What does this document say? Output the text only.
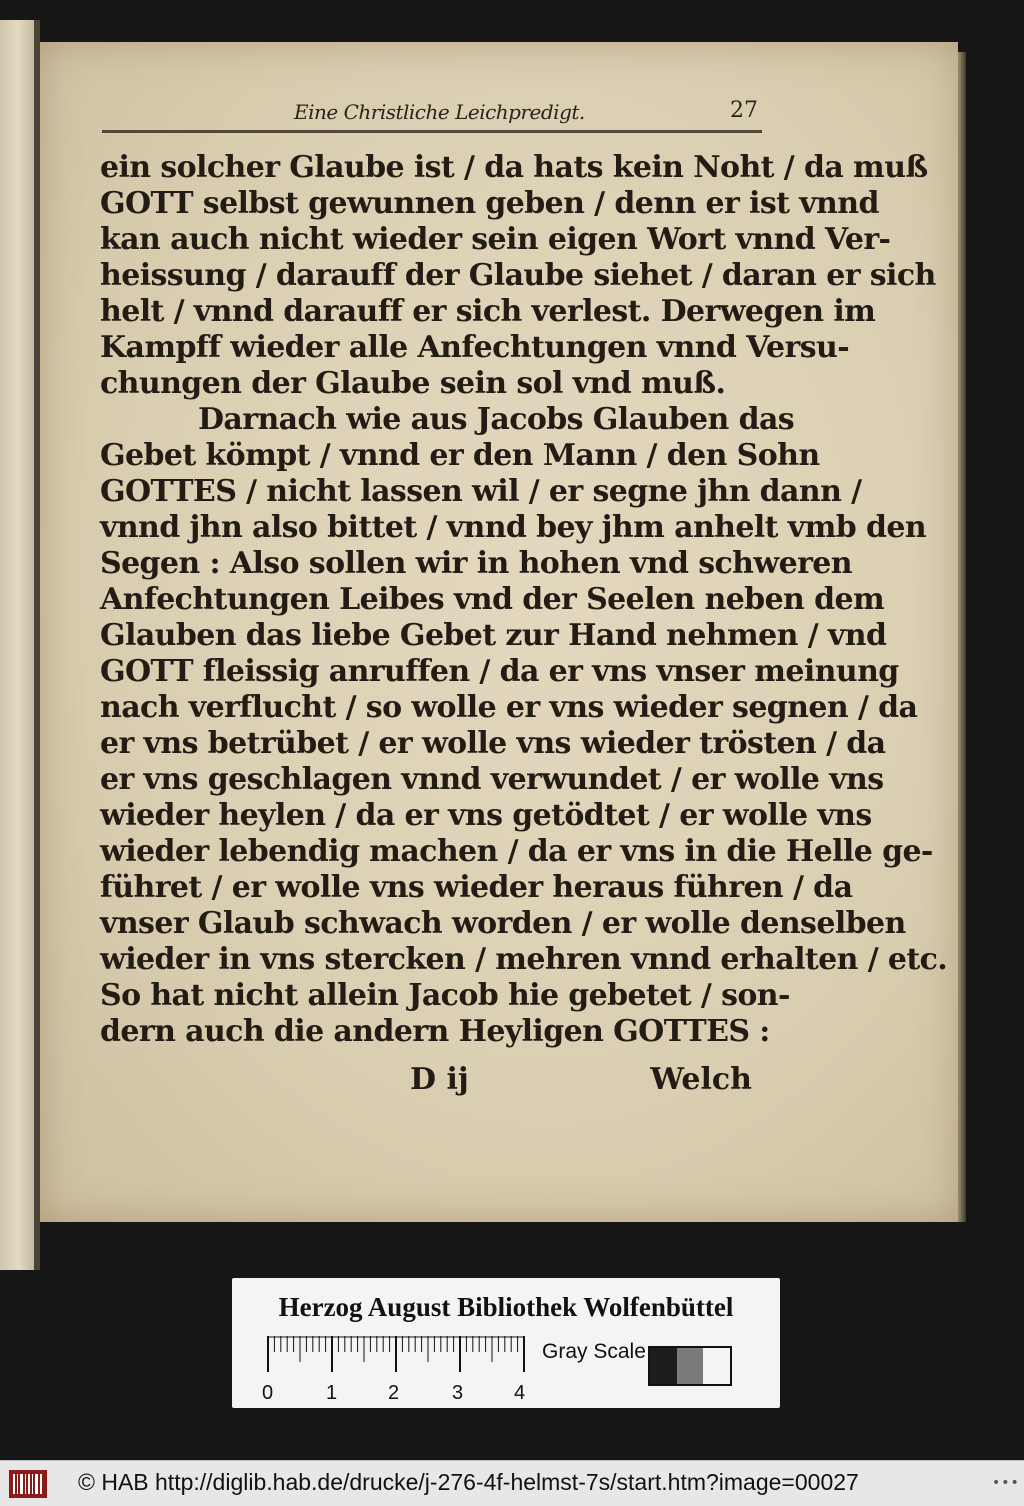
Eine Christliche Leichpredigt.	27
ein solcher Glaube ist / da hats kein Noht / da muß
GOTT selbst gewunnen geben / denn er ist vnnd
kan auch nicht wieder sein eigen Wort vnnd Ver-
heissung / darauff der Glaube siehet / daran er sich
helt / vnnd darauff er sich verlest. Derwegen im
Kampff wieder alle Anfechtungen vnnd Versu-
chungen der Glaube sein sol vnd muß.
Darnach wie aus Jacobs Glauben das
Gebet kömpt / vnnd er den Mann / den Sohn
GOTTES / nicht lassen wil / er segne jhn dann /
vnnd jhn also bittet / vnnd bey jhm anhelt vmb den
Segen : Also sollen wir in hohen vnd schweren
Anfechtungen Leibes vnd der Seelen neben dem
Glauben das liebe Gebet zur Hand nehmen / vnd
GOTT fleissig anruffen / da er vns vnser meinung
nach verflucht / so wolle er vns wieder segnen / da
er vns betrübet / er wolle vns wieder trösten / da
er vns geschlagen vnnd verwundet / er wolle vns
wieder heylen / da er vns getödtet / er wolle vns
wieder lebendig machen / da er vns in die Helle ge-
führet / er wolle vns wieder heraus führen / da
vnser Glaub schwach worden / er wolle denselben
wieder in vns stercken / mehren vnnd erhalten / etc.
So hat nicht allein Jacob hie gebetet / son-
dern auch die andern Heyligen GOTTES :
D ij	Welch
Herzog August Bibliothek Wolfenbüttel
0	1	2	3	4
Gray Scale
© HAB http://diglib.hab.de/drucke/j-276-4f-helmst-7s/start.htm?image=00027	•••
